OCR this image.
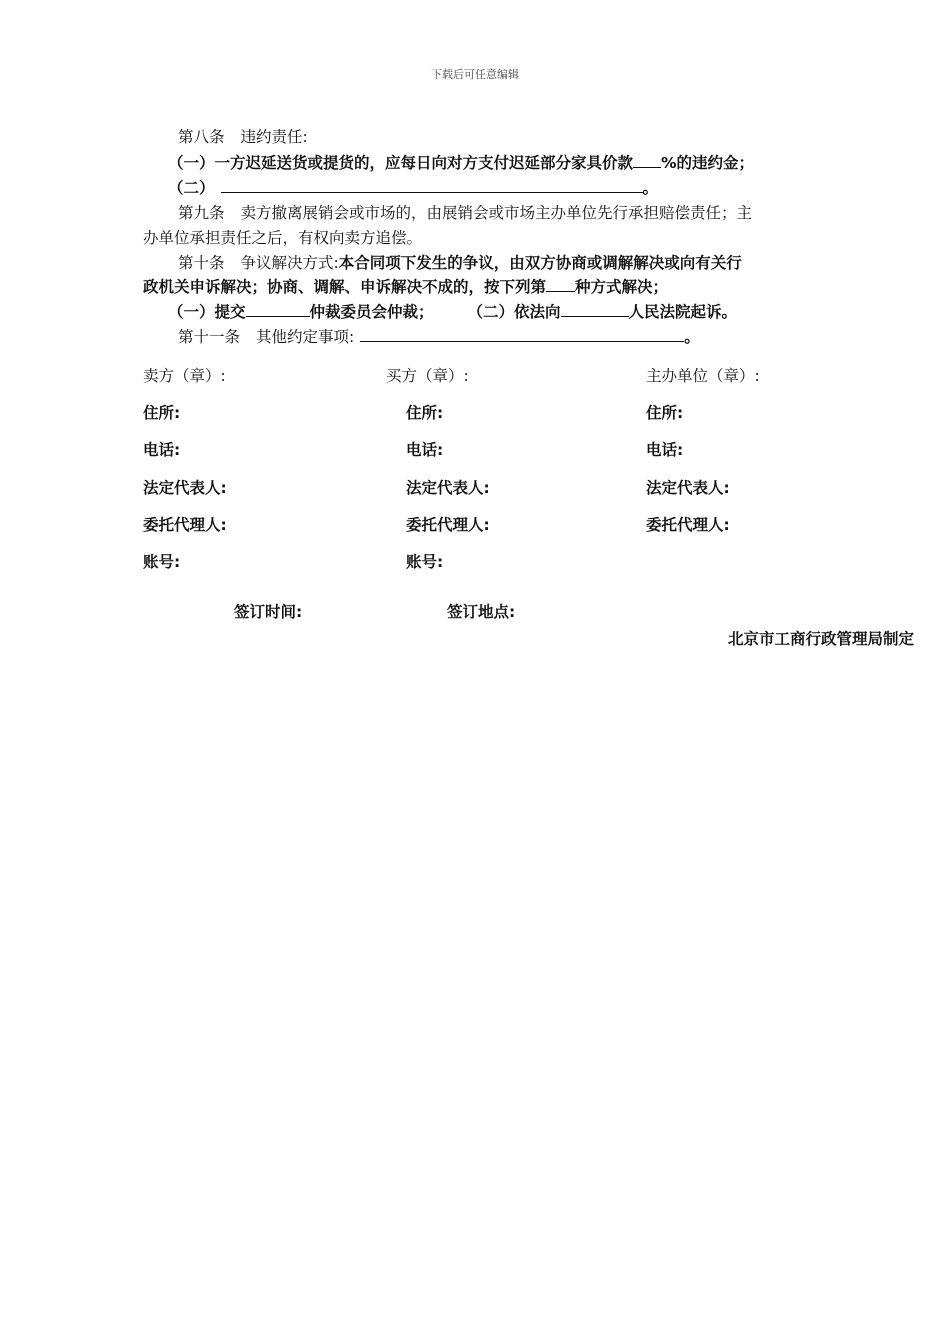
下载后可任意编辑
第八条 违约责任:
（一）一方迟延送货或提货的，应每日向对方支付迟延部分家具价款 %的违约金；
（二）	。
第九条 卖方撤离展销会或市场的，由展销会或市场主办单位先行承担赔偿责任；主
办单位承担责任之后，有权向卖方追偿。
第十条 争议解决方式:本合同项下发生的争议，由双方协商或调解解决或向有关行
政机关申诉解决；协商、调解、申诉解决不成的，按下列第 种方式解决；
（一）提交	仲裁委员会仲裁； （二）依法向	人民法院起诉。
第十一条 其他约定事项:	。
卖方（章）:	买方（章）:	主办单位（章）:
住所:	住所:	住所:
电话:	电话:	电话:
法定代表人:	法定代表人:	法定代表人:
委托代理人:	委托代理人:	委托代理人:
账号:	账号:
签订时间:	签订地点:
北京市工商行政管理局制定
